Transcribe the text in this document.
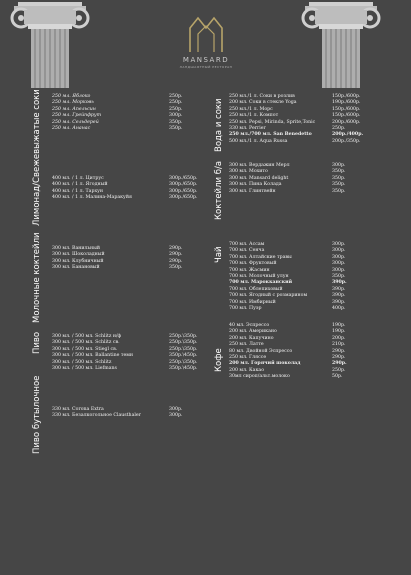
MANSARD
ЛАНДШАФТНЫЙ РЕСТОРАН
Лимонад/Свежевыжатые соки
Молочные коктейли
Пиво
Пиво бутылочное
Вода и соки
Коктейли б/а
Чай
Кофе
250 мл. Яблоко	250р.
250 мл. Морковь	250р.
250 мл. Апельсин	250р.
250 мл. Грейпфрут	300р.
250 мл. Сельдерей	350р.
250 мл. Ананас	350р.
400 мл. / 1 л. Цитрус	300р./650р.
400 мл. / 1 л. Ягодный	300р./650р.
400 мл. / 1 л. Тархун	300р./650р.
400 мл. / 1 л. Малина-Маракуйя	300р./650р.
300 мл. Ванильный	290р.
300 мл. Шоколадный	290р.
300 мл. Клубничный	290р.
300 мл. Банановый	350р.
300 мл. / 500 мл. Schlitz н/ф	250р.\350р.
300 мл. / 500 мл. Schlitz св.	250р.\350р.
300 мл. / 500 мл. Stiegl св.	250р.\350р.
300 мл. / 500 мл. Ballantine темн	350р.\450р.
300 мл. / 500 мл. Schlitz	250р.\350р.
300 мл. / 500 мл. Liefmans	350р.\450р.
330 мл. Corona Extra	300р.
330 мл. Безалкогольное Clausthaler	300р.
250 мл./1 л. Соки в розлив	150р./600р.
200 мл. Соки в стекле Yoga	190р./600р.
250 мл./1 л. Морс	150р./600р.
250 мл./1 л. Компот	150р./600р.
250 мл. Pepsi, Mirinda, Sprite,Tonic	200р./600р.
330 мл. Perrier	250р.
250 мл./700 мл. San Benedetto	200р./400р.
500 мл./1 л. Aqua Russa	200р./350р.
300 мл. Вердажин Мерл	300р.
300 мл. Мохито	350р.
300 мл. Mansard delight	350р.
300 мл. Пина Колада	350р.
300 мл. Глинтвейн	350р.
700 мл. Ассам	300р.
700 мл. Сенча	300р.
700 мл. Алтайские травы	300р.
700 мл. Фруктовый	300р.
700 мл. Жасмин	300р.
700 мл. Молочный улун	350р.
700 мл. Марокканский	390р.
700 мл. Облепиховый	390р.
700 мл. Ягодный с розмарином	390р.
700 мл. Имбирный	390р.
700 мл. Пуэр	400р.
40 мл. Эспрессо	190р.
200 мл. Американо	190р.
200 мл. Капучино	200р.
250 мл. Латте	210р.
80 мл. Двойной Эспрессо	290р.
250 мл. Гляссе	290р.
200 мл. Горячий шоколад	290р.
200 мл. Какао	250р.
30мл сироп/альт.молоко	50р.
